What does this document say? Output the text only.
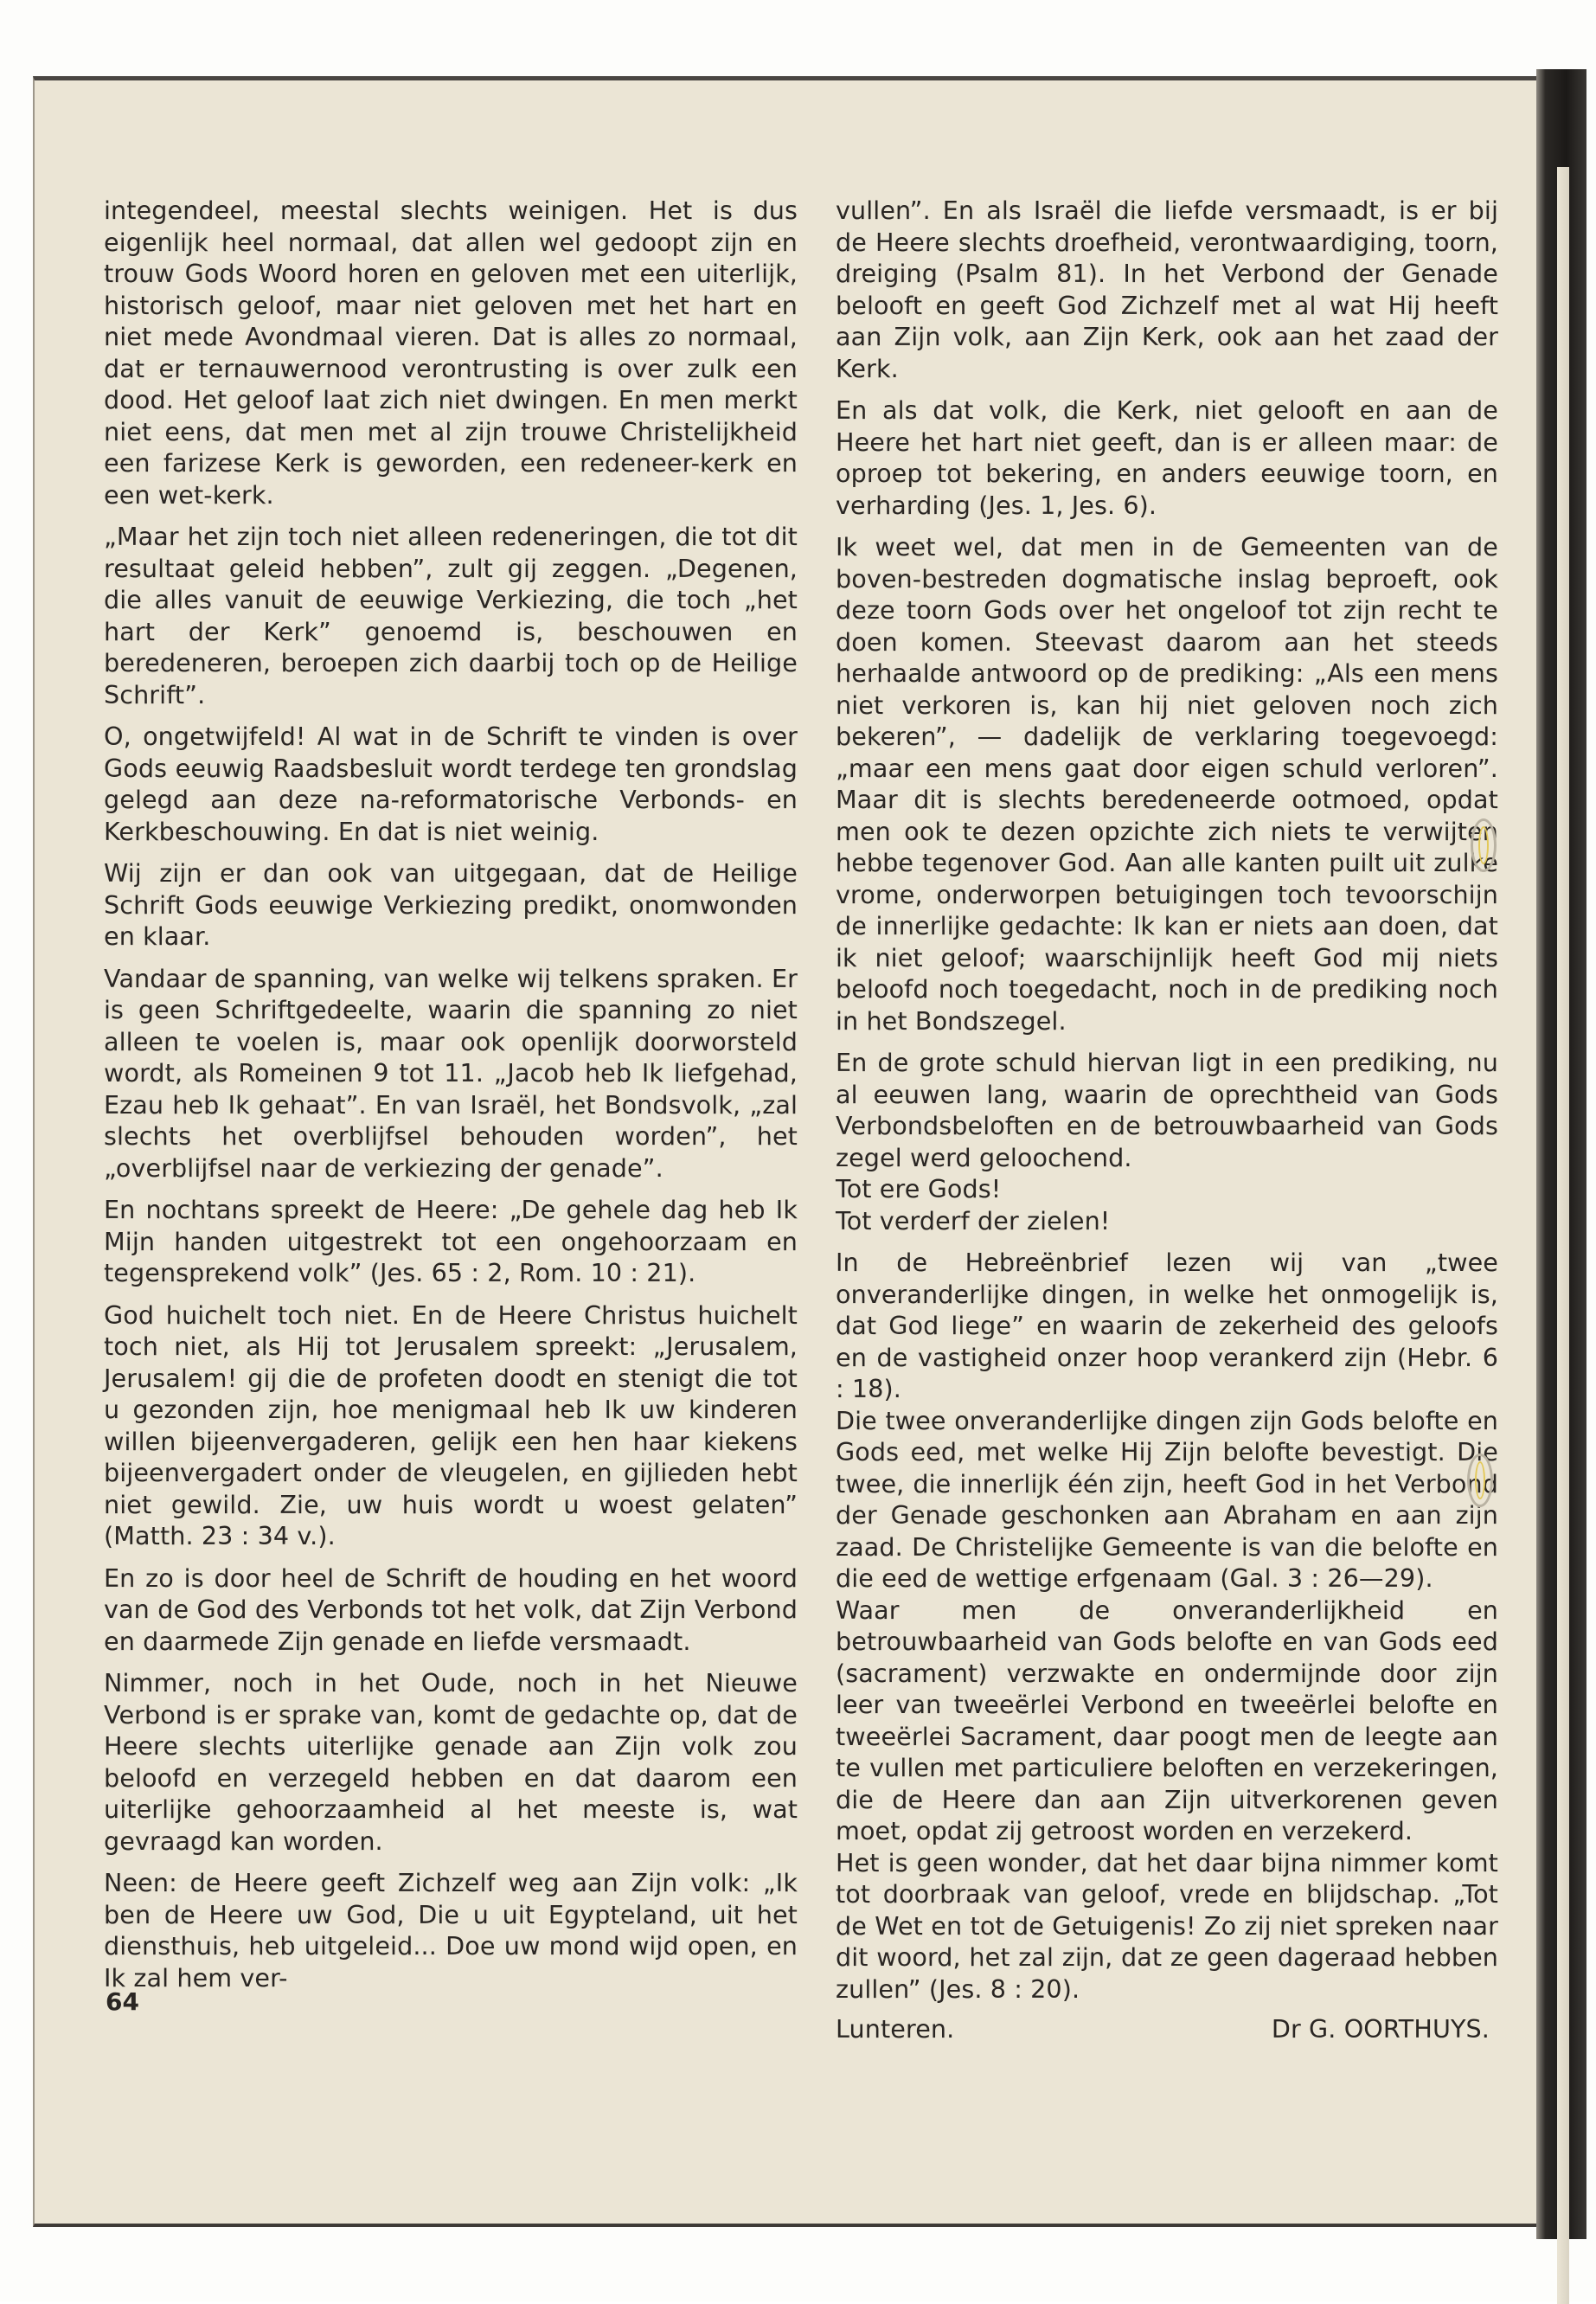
integendeel, meestal slechts weinigen. Het is dus eigenlijk heel normaal, dat allen wel gedoopt zijn en trouw Gods Woord horen en geloven met een uiterlijk, historisch geloof, maar niet geloven met het hart en niet mede Avondmaal vieren. Dat is alles zo normaal, dat er ternauwernood verontrusting is over zulk een dood. Het geloof laat zich niet dwingen. En men merkt niet eens, dat men met al zijn trouwe Christelijkheid een farizese Kerk is geworden, een redeneer-kerk en een wet-kerk.

„Maar het zijn toch niet alleen redeneringen, die tot dit resultaat geleid hebben”, zult gij zeggen. „Degenen, die alles vanuit de eeuwige Verkiezing, die toch „het hart der Kerk” genoemd is, beschouwen en beredeneren, beroepen zich daarbij toch op de Heilige Schrift”.

O, ongetwijfeld! Al wat in de Schrift te vinden is over Gods eeuwig Raadsbesluit wordt terdege ten grondslag gelegd aan deze na-reformatorische Verbonds- en Kerkbeschouwing. En dat is niet weinig.

Wij zijn er dan ook van uitgegaan, dat de Heilige Schrift Gods eeuwige Verkiezing predikt, onomwonden en klaar.

Vandaar de spanning, van welke wij telkens spraken. Er is geen Schriftgedeelte, waarin die spanning zo niet alleen te voelen is, maar ook openlijk doorworsteld wordt, als Romeinen 9 tot 11. „Jacob heb Ik liefgehad, Ezau heb Ik gehaat”. En van Israël, het Bondsvolk, „zal slechts het overblijfsel behouden worden”, het „overblijfsel naar de verkiezing der genade”.

En nochtans spreekt de Heere: „De gehele dag heb Ik Mijn handen uitgestrekt tot een ongehoorzaam en tegensprekend volk” (Jes. 65 : 2, Rom. 10 : 21).

God huichelt toch niet. En de Heere Christus huichelt toch niet, als Hij tot Jerusalem spreekt: „Jerusalem, Jerusalem! gij die de profeten doodt en stenigt die tot u gezonden zijn, hoe menigmaal heb Ik uw kinderen willen bijeenvergaderen, gelijk een hen haar kiekens bijeenvergadert onder de vleugelen, en gijlieden hebt niet gewild. Zie, uw huis wordt u woest gelaten” (Matth. 23 : 34 v.).

En zo is door heel de Schrift de houding en het woord van de God des Verbonds tot het volk, dat Zijn Verbond en daarmede Zijn genade en liefde versmaadt.

Nimmer, noch in het Oude, noch in het Nieuwe Verbond is er sprake van, komt de gedachte op, dat de Heere slechts uiterlijke genade aan Zijn volk zou beloofd en verzegeld hebben en dat daarom een uiterlijke gehoorzaamheid al het meeste is, wat gevraagd kan worden.

Neen: de Heere geeft Zichzelf weg aan Zijn volk: „Ik ben de Heere uw God, Die u uit Egypteland, uit het diensthuis, heb uitgeleid... Doe uw mond wijd open, en Ik zal hem ver-

vullen”. En als Israël die liefde versmaadt, is er bij de Heere slechts droefheid, verontwaardiging, toorn, dreiging (Psalm 81). In het Verbond der Genade belooft en geeft God Zichzelf met al wat Hij heeft aan Zijn volk, aan Zijn Kerk, ook aan het zaad der Kerk.

En als dat volk, die Kerk, niet gelooft en aan de Heere het hart niet geeft, dan is er alleen maar: de oproep tot bekering, en anders eeuwige toorn, en verharding (Jes. 1, Jes. 6).

Ik weet wel, dat men in de Gemeenten van de boven-bestreden dogmatische inslag beproeft, ook deze toorn Gods over het ongeloof tot zijn recht te doen komen. Steevast daarom aan het steeds herhaalde antwoord op de prediking: „Als een mens niet verkoren is, kan hij niet geloven noch zich bekeren”, — dadelijk de verklaring toegevoegd: „maar een mens gaat door eigen schuld verloren”. Maar dit is slechts beredeneerde ootmoed, opdat men ook te dezen opzichte zich niets te verwijten hebbe tegenover God. Aan alle kanten puilt uit zulke vrome, onderworpen betuigingen toch tevoorschijn de innerlijke gedachte: Ik kan er niets aan doen, dat ik niet geloof; waarschijnlijk heeft God mij niets beloofd noch toegedacht, noch in de prediking noch in het Bondszegel.

En de grote schuld hiervan ligt in een prediking, nu al eeuwen lang, waarin de oprechtheid van Gods Verbondsbeloften en de betrouwbaarheid van Gods zegel werd geloochend.

Tot ere Gods!

Tot verderf der zielen!

In de Hebreënbrief lezen wij van „twee onveranderlijke dingen, in welke het onmogelijk is, dat God liege” en waarin de zekerheid des geloofs en de vastigheid onzer hoop verankerd zijn (Hebr. 6 : 18).

Die twee onveranderlijke dingen zijn Gods belofte en Gods eed, met welke Hij Zijn belofte bevestigt. Die twee, die innerlijk één zijn, heeft God in het Verbond der Genade geschonken aan Abraham en aan zijn zaad. De Christelijke Gemeente is van die belofte en die eed de wettige erfgenaam (Gal. 3 : 26—29).

Waar men de onveranderlijkheid en betrouwbaarheid van Gods belofte en van Gods eed (sacrament) verzwakte en ondermijnde door zijn leer van tweeërlei Verbond en tweeërlei belofte en tweeërlei Sacrament, daar poogt men de leegte aan te vullen met particuliere beloften en verzekeringen, die de Heere dan aan Zijn uitverkorenen geven moet, opdat zij getroost worden en verzekerd.

Het is geen wonder, dat het daar bijna nimmer komt tot doorbraak van geloof, vrede en blijdschap. „Tot de Wet en tot de Getuigenis! Zo zij niet spreken naar dit woord, het zal zijn, dat ze geen dageraad hebben zullen” (Jes. 8 : 20).

Lunteren.	Dr G. OORTHUYS.
64
